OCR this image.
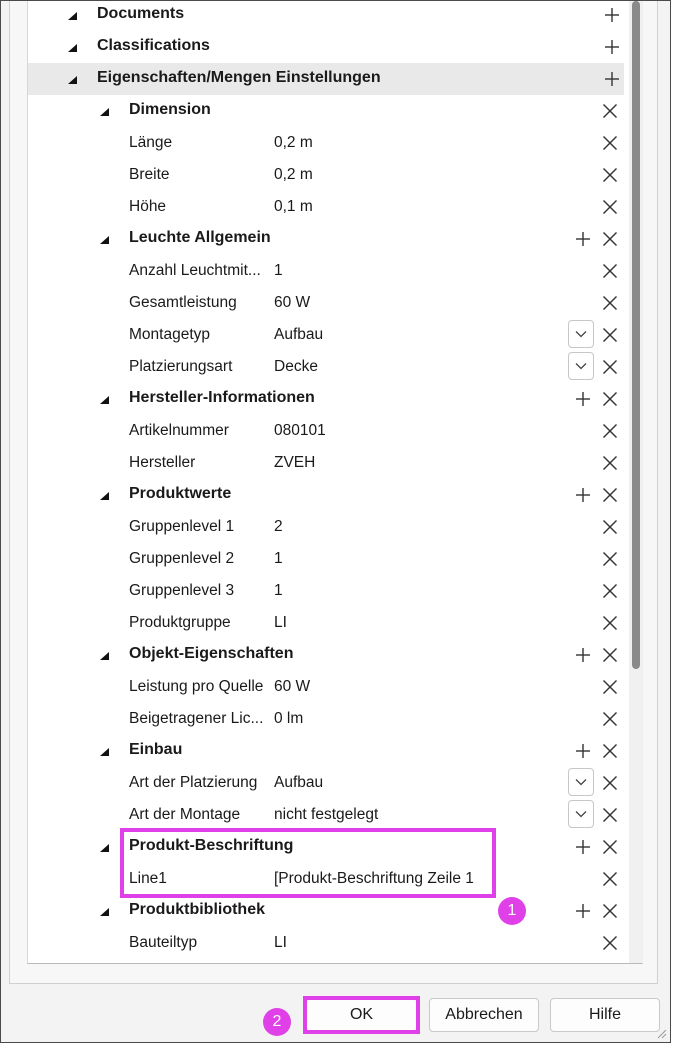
Documents
Classifications
Eigenschaften/Mengen Einstellungen
Dimension
Länge	0,2 m
Breite	0,2 m
Höhe	0,1 m
Leuchte Allgemein
Anzahl Leuchtmit... 1
Gesamtleistung 60 W
Montagetyp	Aufbau
Platzierungsart	Decke
Hersteller-Informationen
Artikelnummer	080101
Hersteller	ZVEH
Produktwerte
Gruppenlevel 1	2
Gruppenlevel 2	1
Gruppenlevel 3	1
Produktgruppe	LI
Objekt-Eigenschaften
Leistung pro Quelle 60 W
Beigetragener Lic... 0 lm
Einbau
Art der Platzierung Aufbau
Art der Montage nicht festgelegt
Produkt-Beschriftung
Line1	[Produkt-Beschriftung Zeile 1
Produktbibliothek
Bauteiltyp	LI
1
2	OK	Abbrechen	Hilfe
